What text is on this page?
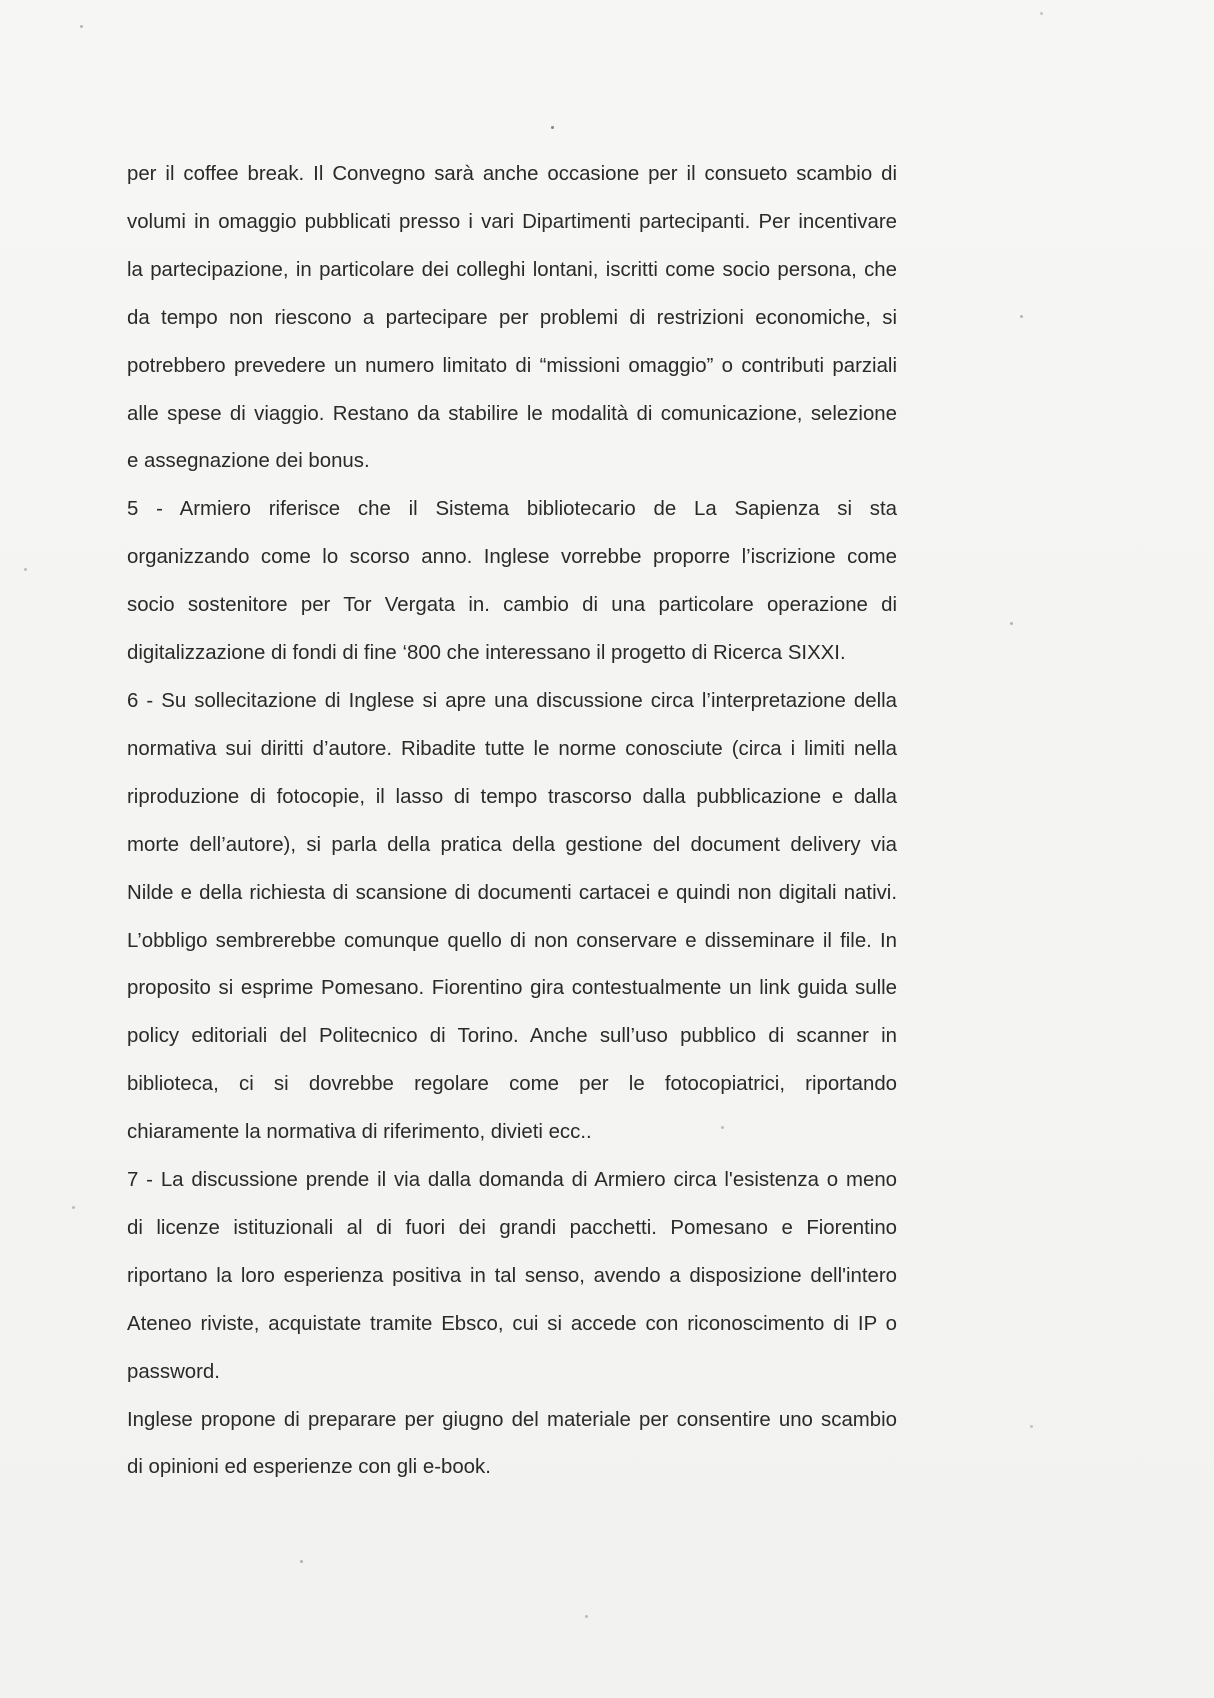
per il coffee break. Il Convegno sarà anche occasione per il consueto scambio di
volumi in omaggio pubblicati presso i vari Dipartimenti partecipanti. Per incentivare
la partecipazione, in particolare dei colleghi lontani, iscritti come socio persona, che
da tempo non riescono a partecipare per problemi di restrizioni economiche, si
potrebbero prevedere un numero limitato di “missioni omaggio” o contributi parziali
alle spese di viaggio. Restano da stabilire le modalità di comunicazione, selezione
e assegnazione dei bonus.
5 - Armiero riferisce che il Sistema bibliotecario de La Sapienza si sta
organizzando come lo scorso anno. Inglese vorrebbe proporre l’iscrizione come
socio sostenitore per Tor Vergata in. cambio di una particolare operazione di
digitalizzazione di fondi di fine ‘800 che interessano il progetto di Ricerca SIXXI.
6 - Su sollecitazione di Inglese si apre una discussione circa l’interpretazione della
normativa sui diritti d’autore. Ribadite tutte le norme conosciute (circa i limiti nella
riproduzione di fotocopie, il lasso di tempo trascorso dalla pubblicazione e dalla
morte dell’autore), si parla della pratica della gestione del document delivery via
Nilde e della richiesta di scansione di documenti cartacei e quindi non digitali nativi.
L’obbligo sembrerebbe comunque quello di non conservare e disseminare il file. In
proposito si esprime Pomesano. Fiorentino gira contestualmente un link guida sulle
policy editoriali del Politecnico di Torino. Anche sull’uso pubblico di scanner in
biblioteca, ci si dovrebbe regolare come per le fotocopiatrici, riportando
chiaramente la normativa di riferimento, divieti ecc..
7 - La discussione prende il via dalla domanda di Armiero circa l'esistenza o meno
di licenze istituzionali al di fuori dei grandi pacchetti. Pomesano e Fiorentino
riportano la loro esperienza positiva in tal senso, avendo a disposizione dell'intero
Ateneo riviste, acquistate tramite Ebsco, cui si accede con riconoscimento di IP o
password.
Inglese propone di preparare per giugno del materiale per consentire uno scambio
di opinioni ed esperienze con gli e-book.
